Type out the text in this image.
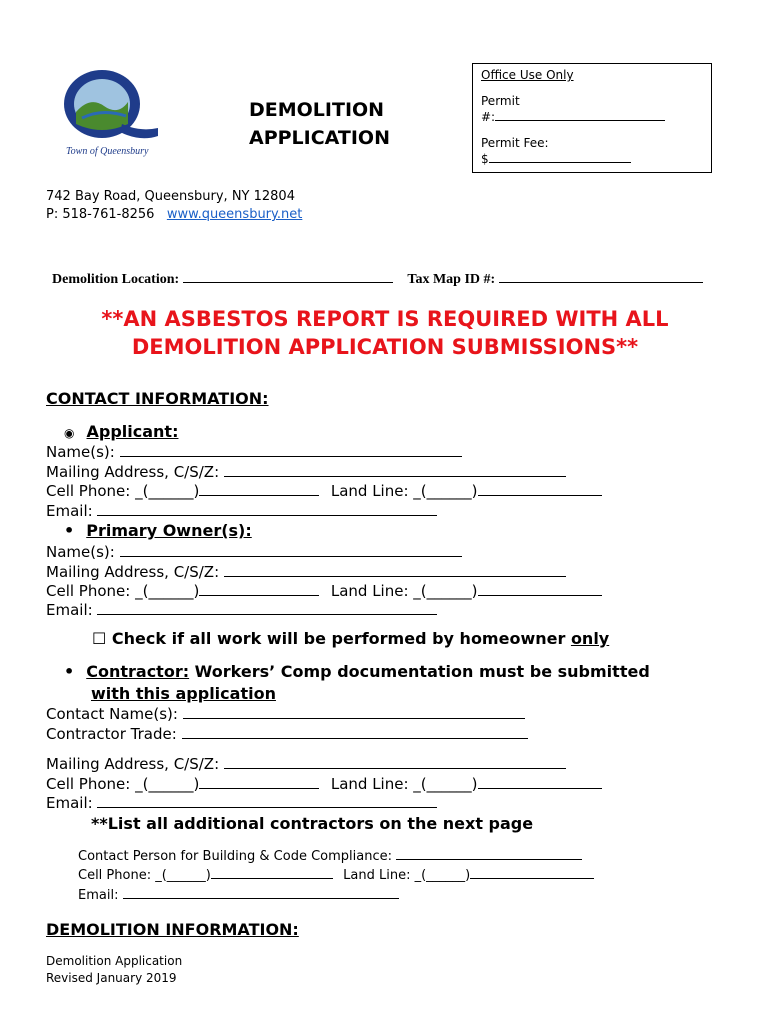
Town of Queensbury
DEMOLITION
APPLICATION
Office Use Only
Permit
#:
Permit Fee:
$
742 Bay Road, Queensbury, NY 12804
P: 518-761-8256 www.queensbury.net
Demolition Location:	Tax Map ID #:
**AN ASBESTOS REPORT IS REQUIRED WITH ALL
DEMOLITION APPLICATION SUBMISSIONS**
CONTACT INFORMATION:
◉ Applicant:
Name(s):
Mailing Address, C/S/Z:
Cell Phone: _(______)	Land Line: _(______)
Email:
• Primary Owner(s):
Name(s):
Mailing Address, C/S/Z:
Cell Phone: _(______)	Land Line: _(______)
Email:
☐ Check if all work will be performed by homeowner only
• Contractor: Workers’ Comp documentation must be submitted
with this application
Contact Name(s):
Contractor Trade:
Mailing Address, C/S/Z:
Cell Phone: _(______)	Land Line: _(______)
Email:
**List all additional contractors on the next page
Contact Person for Building & Code Compliance:
Cell Phone: _(______)	Land Line: _(______)
Email:
DEMOLITION INFORMATION:
Demolition Application
Revised January 2019
